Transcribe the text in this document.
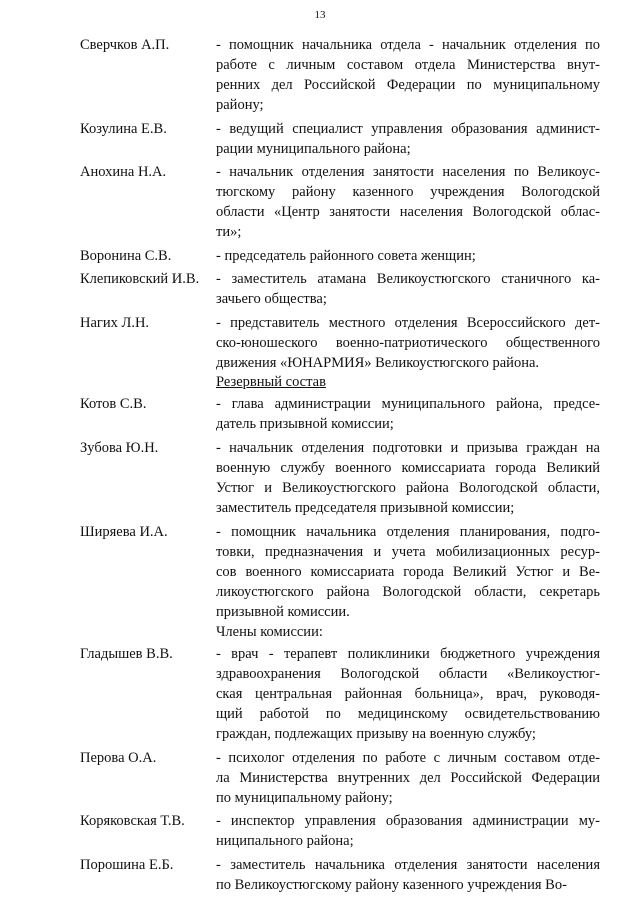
13
Сверчков А.П.	- помощник начальника отдела - начальник отделения по
работе с личным составом отдела Министерства внут-
ренних дел Российской Федерации по муниципальному
району;
Козулина Е.В.	- ведущий специалист управления образования админист-
рации муниципального района;
Анохина Н.А.	- начальник отделения занятости населения по Великоус-
тюгскому району казенного учреждения Вологодской
области «Центр занятости населения Вологодской облас-
ти»;
Воронина С.В.	- председатель районного совета женщин;
Клепиковский И.В. - заместитель атамана Великоустюгского станичного ка-
зачьего общества;
Нагих Л.Н.	- представитель местного отделения Всероссийского дет-
ско-юношеского военно-патриотического общественного
движения «ЮНАРМИЯ» Великоустюгского района.
Резервный состав
Котов С.В.	- глава администрации муниципального района, предсе-
датель призывной комиссии;
Зубова Ю.Н.	- начальник отделения подготовки и призыва граждан на
военную службу военного комиссариата города Великий
Устюг и Великоустюгского района Вологодской области,
заместитель председателя призывной комиссии;
Ширяева И.А.	- помощник начальника отделения планирования, подго-
товки, предназначения и учета мобилизационных ресур-
сов военного комиссариата города Великий Устюг и Ве-
ликоустюгского района Вологодской области, секретарь
призывной комиссии.
Члены комиссии:
Гладышев В.В.	- врач - терапевт поликлиники бюджетного учреждения
здравоохранения Вологодской области «Великоустюг-
ская центральная районная больница», врач, руководя-
щий работой по медицинскому освидетельствованию
граждан, подлежащих призыву на военную службу;
Перова О.А.	- психолог отделения по работе с личным составом отде-
ла Министерства внутренних дел Российской Федерации
по муниципальному району;
Коряковская Т.В. - инспектор управления образования администрации му-
ниципального района;
Порошина Е.Б.	- заместитель начальника отделения занятости населения
по Великоустюгскому району казенного учреждения Во-
